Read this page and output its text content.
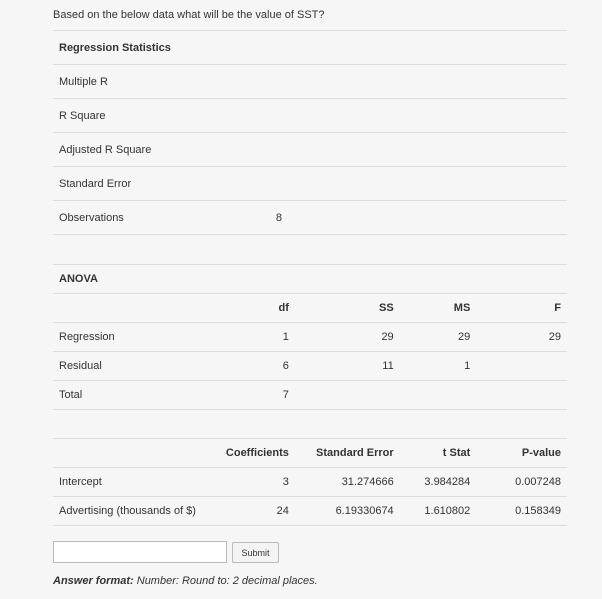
Based on the below data what will be the value of SST?
Regression Statistics	
Multiple R	
R Square	
Adjusted R Square	
Standard Error	
Observations	8
ANOVA				
	df	SS	MS	F
Regression	1	29	29	29
Residual	6	11	1	
Total	7			
	Coefficients	Standard Error	t Stat	P-value
Intercept	3	31.274666	3.984284	0.007248
Advertising (thousands of $)	24	6.19330674	1.610802	0.158349
Submit
Answer format: Number: Round to: 2 decimal places.
